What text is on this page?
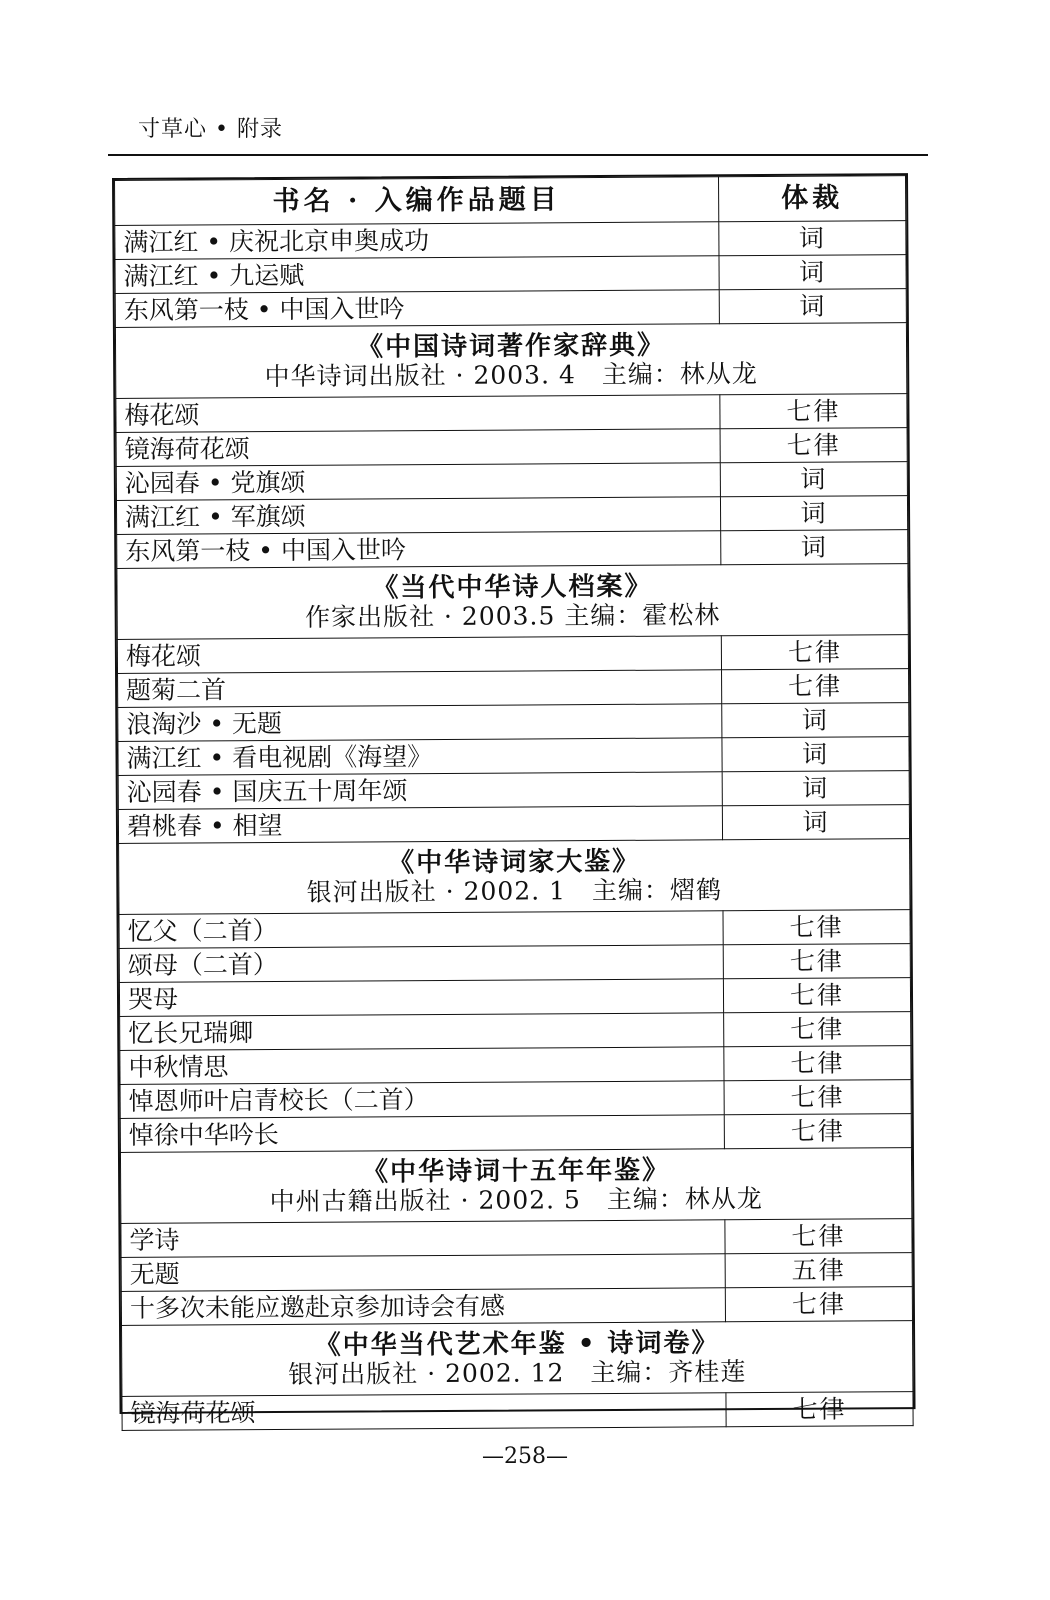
寸草心 • 附录
书名 · 入编作品题目	体裁
满江红 • 庆祝北京申奥成功	词
满江红 • 九运赋	词
东风第一枝 • 中国入世吟	词

《中国诗词著作家辞典》
中华诗词出版社 · 2003. 4　主编：林从龙	

梅花颂	七律
镜海荷花颂	七律
沁园春 • 党旗颂	词
满江红 • 军旗颂	词
东风第一枝 • 中国入世吟	词

《当代中华诗人档案》
作家出版社 · 2003.5 主编：霍松林	

梅花颂	七律
题菊二首	七律
浪淘沙 • 无题	词
满江红 • 看电视剧《海望》	词
沁园春 • 国庆五十周年颂	词
碧桃春 • 相望	词

《中华诗词家大鉴》
银河出版社 · 2002. 1　主编：熠鹤	

忆父（二首）	七律
颂母（二首）	七律
哭母	七律
忆长兄瑞卿	七律
中秋情思	七律
悼恩师叶启青校长（二首）	七律
悼徐中华吟长	七律

《中华诗词十五年年鉴》
中州古籍出版社 · 2002. 5　主编：林从龙	

学诗	七律
无题	五律
十多次未能应邀赴京参加诗会有感	七律

《中华当代艺术年鉴 • 诗词卷》
银河出版社 · 2002. 12　主编：齐桂莲	

镜海荷花颂	七律
—258—
